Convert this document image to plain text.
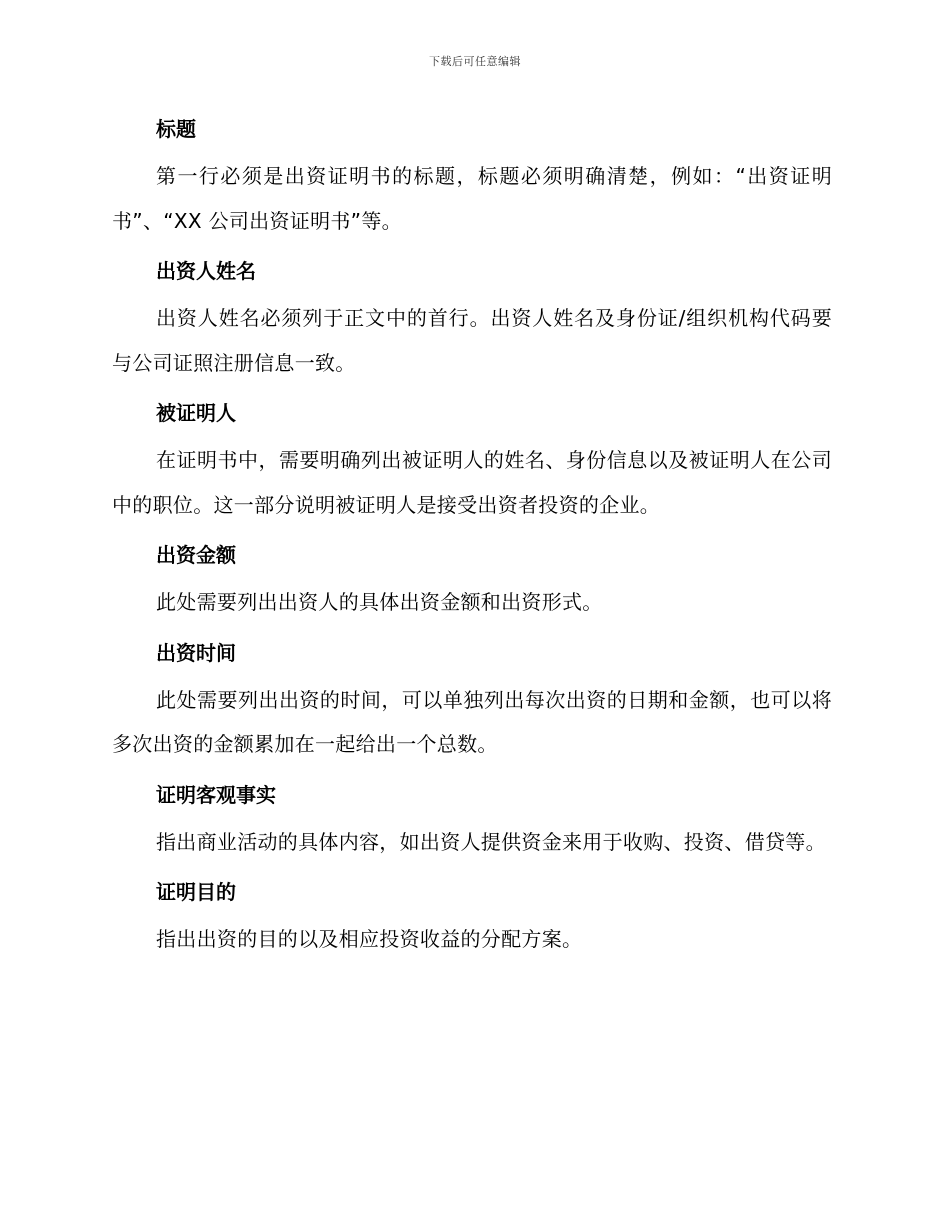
下载后可任意编辑
标题

第一行必须是出资证明书的标题，标题必须明确清楚，例如：“出资证明书”、“XX 公司出资证明书”等。

出资人姓名

出资人姓名必须列于正文中的首行。出资人姓名及身份证/组织机构代码要与公司证照注册信息一致。

被证明人

在证明书中，需要明确列出被证明人的姓名、身份信息以及被证明人在公司中的职位。这一部分说明被证明人是接受出资者投资的企业。

出资金额

此处需要列出出资人的具体出资金额和出资形式。

出资时间

此处需要列出出资的时间，可以单独列出每次出资的日期和金额，也可以将多次出资的金额累加在一起给出一个总数。

证明客观事实

指出商业活动的具体内容，如出资人提供资金来用于收购、投资、借贷等。

证明目的

指出出资的目的以及相应投资收益的分配方案。
